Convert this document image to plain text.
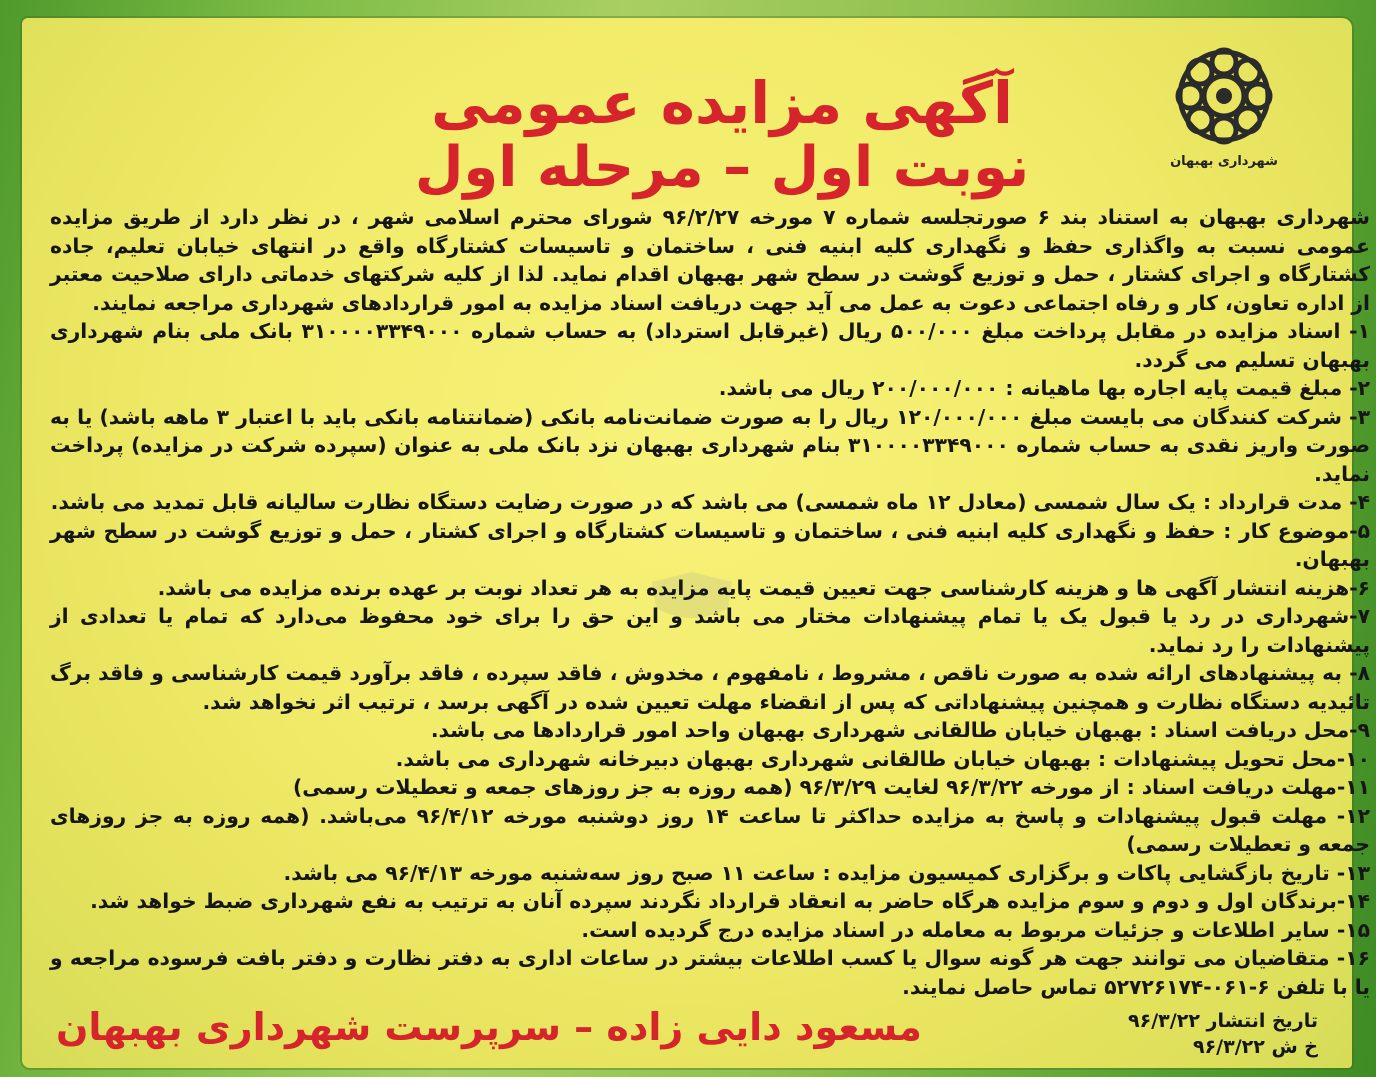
شهرداری بهبهان
آگهی مزایده عمومی
نوبت اول – مرحله اول

شهرداری بهبهان به استناد بند ۶ صورتجلسه شماره ۷ مورخه ۹۶/۲/۲۷ شورای محترم اسلامی شهر ، در نظر دارد از طریق مزایده عمومی نسبت به واگذاری حفظ و نگهداری کلیه ابنیه فنی ، ساختمان و تاسیسات کشتارگاه واقع در انتهای خیابان تعلیم، جاده کشتارگاه و اجرای کشتار ، حمل و توزیع گوشت در سطح شهر بهبهان اقدام نماید. لذا از کلیه شرکتهای خدماتی دارای صلاحیت معتبر از اداره تعاون، کار و رفاه اجتماعی دعوت به عمل می آید جهت دریافت اسناد مزایده به امور قراردادهای شهرداری مراجعه نمایند.

۱- اسناد مزایده در مقابل پرداخت مبلغ ۵۰۰/۰۰۰ ریال (غیرقابل استرداد) به حساب شماره ۳۱۰۰۰۰۳۳۴۹۰۰۰ بانک ملی بنام شهرداری بهبهان تسلیم می گردد.

۲- مبلغ قیمت پایه اجاره بها ماهیانه : ۲۰۰/۰۰۰/۰۰۰ ریال می باشد.

۳- شرکت کنندگان می بایست مبلغ ۱۲۰/۰۰۰/۰۰۰ ریال را به صورت ضمانت‌نامه بانکی (ضمانتنامه بانکی باید با اعتبار ۳ ماهه باشد) یا به صورت واریز نقدی به حساب شماره ۳۱۰۰۰۰۳۳۴۹۰۰۰ بنام شهرداری بهبهان نزد بانک ملی به عنوان (سپرده شرکت در مزایده) پرداخت نماید.

۴- مدت قرارداد : یک سال شمسی (معادل ۱۲ ماه شمسی) می باشد که در صورت رضایت دستگاه نظارت سالیانه قابل تمدید می باشد.

۵-موضوع کار : حفظ و نگهداری کلیه ابنیه فنی ، ساختمان و تاسیسات کشتارگاه و اجرای کشتار ، حمل و توزیع گوشت در سطح شهر بهبهان.

۶-هزینه انتشار آگهی ها و هزینه کارشناسی جهت تعیین قیمت پایه مزایده به هر تعداد نوبت بر عهده برنده مزایده می باشد.

۷-شهرداری در رد یا قبول یک یا تمام پیشنهادات مختار می باشد و این حق را برای خود محفوظ می‌دارد که تمام یا تعدادی از پیشنهادات را رد نماید.

۸- به پیشنهادهای ارائه شده به صورت ناقص ، مشروط ، نامفهوم ، مخدوش ، فاقد سپرده ، فاقد برآورد قیمت کارشناسی و فاقد برگ تائیدیه دستگاه نظارت و همچنین پیشنهاداتی که پس از انقضاء مهلت تعیین شده در آگهی برسد ، ترتیب اثر نخواهد شد.

۹-محل دریافت اسناد : بهبهان خیابان طالقانی شهرداری بهبهان واحد امور قراردادها می باشد.

۱۰-محل تحویل پیشنهادات : بهبهان خیابان طالقانی شهرداری بهبهان دبیرخانه شهرداری می باشد.

۱۱-مهلت دریافت اسناد : از مورخه ۹۶/۳/۲۲ لغایت ۹۶/۳/۲۹ (همه روزه به جز روزهای جمعه و تعطیلات رسمی)

۱۲- مهلت قبول پیشنهادات و پاسخ به مزایده حداکثر تا ساعت ۱۴ روز دوشنبه مورخه ۹۶/۴/۱۲ می‌باشد. (همه روزه به جز روزهای جمعه و تعطیلات رسمی)

۱۳- تاریخ بازگشایی پاکات و برگزاری کمیسیون مزایده : ساعت ۱۱ صبح روز سه‌شنبه مورخه ۹۶/۴/۱۳ می باشد.

۱۴-برندگان اول و دوم و سوم مزایده هرگاه حاضر به انعقاد قرارداد نگردند سپرده آنان به ترتیب به نفع شهرداری ضبط خواهد شد.

۱۵- سایر اطلاعات و جزئیات مربوط به معامله در اسناد مزایده درج گردیده است.

۱۶- متقاضیان می توانند جهت هر گونه سوال یا کسب اطلاعات بیشتر در ساعات اداری به دفتر نظارت و دفتر بافت فرسوده مراجعه و یا با تلفن ۶-۰۶۱-۵۲۷۲۶۱۷۴ تماس حاصل نمایند.

تاریخ انتشار ۹۶/۳/۲۲
خ ش ۹۶/۳/۲۲
مسعود دایی زاده – سرپرست شهرداری بهبهان
